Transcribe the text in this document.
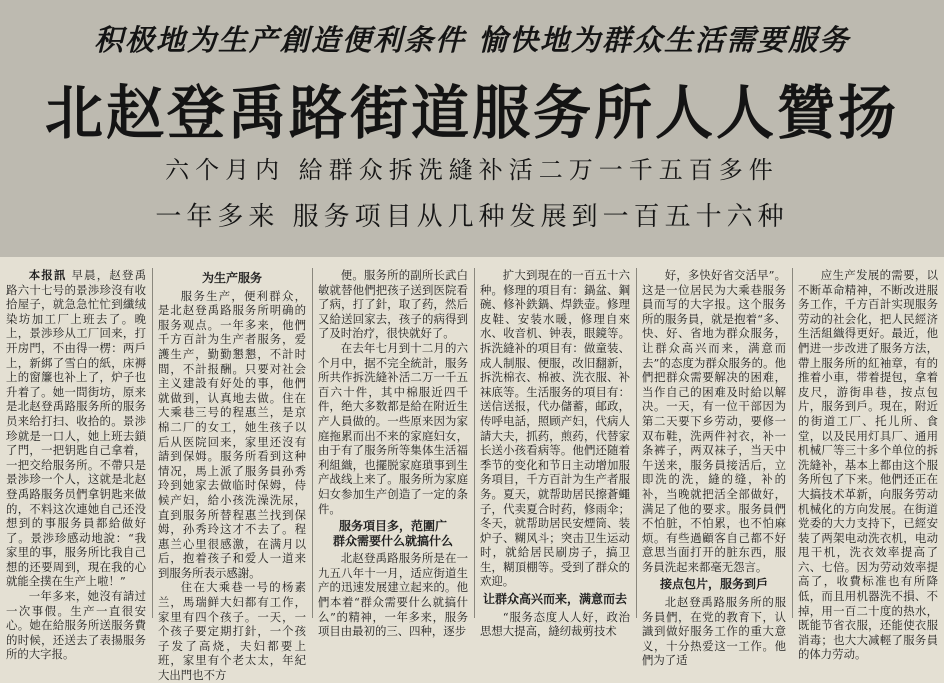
积极地为生产創造便利条件 愉快地为群众生活需要服务
北赵登禹路街道服务所人人贊扬
六个月内 給群众拆洗縫补活二万一千五百多件
一年多来 服务项目从几种发展到一百五十六种

本报訊 早晨，赵登禹路六十七号的景渉珍沒有收拾屋子，就急急忙忙到纖绒染坊加工厂上班去了。晚上，景渉珍从工厂回来，打开房門，不由得一楞：两戶上，新綁了雪白的紙，床褥上的窗簾也补上了，炉子也升着了。她一問街坊，原来是北赵登禹路服务所的服务员来给打扫、收拾的。景渉珍就是一口人，她上班去鎖了門，一把钥匙自己拿着，一把交给服务所。不帶只是景渉珍一个人，这就是北赵登禹路服务员們拿钥匙来做的，不料这次連她自己还没想到的事服务員都給做好了。景渉珍感动地說：“我家里的事，服务所比我自己想的还要周到，現在我的心就能全撲在生产上啦！”

一年多来，她沒有請过一次事假。生产一直很安心。她在給服务所送服务費的时候，还送去了表揚服务所的大字报。

为生产服务

服务生产，便利群众，是北赵登禹路服务所明确的服务观点。一年多来，他們千方百計为生产者服务，爱護生产，勤勤懇懇，不計时間，不計报酬。只要对社会主义建設有好处的事，他們就做到，认真地去做。住在大乘巷三号的程惠兰，是京棉二厂的女工，她生孩子以后从医院回来，家里还沒有請到保姆。服务所看到这种情况，馬上派了服务員孙秀玲到她家去做临时保姆，侍候产妇，給小孩洗澡洗尿，直到服务所替程惠兰找到保姆，孙秀玲这才不去了。程惠兰心里很感激，在满月以后，抱着孩子和爱人一道来到服务所表示感謝。

住在大乘巷一号的杨素兰，馬瑞鲜大妇都有工作，家里有四个孩子。一天，一个孩子要定期打針，一个孩子发了高烧，夫妇都要上班，家里有个老太太，年紀大出門也不方

便。服务所的副所长武白敏就替他們把孩子送到医院看了病，打了針，取了药，然后又給送回家去，孩子的病得到了及时治疗，很快就好了。

在去年七月到十二月的六个月中，据不完全統計，服务所共作拆洗縫补活二万一千五百六十件，其中棉服近四千件，绝大多数都是給在附近生产人員做的。一些原来因为家庭拖累而出不来的家庭妇女，由于有了服务所等集体生活福利組織，也擺脱家庭瑣事到生产战线上来了。服务所为家庭妇女参加生产创造了一定的条件。

服务項目多，范圍广
群众需要什么就搞什么

北赵登禹路服务所是在一九五八年十一月，适应街道生产的迅速发展建立起来的。他們本着“群众需要什么就搞什么”的精神，一年多来，服务项目由最初的三、四种，逐步

扩大到現在的一百五十六种。修理的項目有：鍋盆、鋼碗、修补鉄鍋、焊鉄壶。修理皮鞋、安装水暖，修理自來水、收音机、钟表，眼鏡等。拆洗縫补的項目有：做童装、成人制服、便服，改旧翻新，拆洗棉衣、棉被、洗衣服、补袜底等。生活服务的項目有：送信送报，代办儲蓄，邮政，传呼电話，照顾产妇，代病人請大夫，抓药，煎药，代替家长送小孩看病等。他們还随着季节的变化和节日主动增加服务項目，千方百計为生产者服务。夏天，就帮助居民擦蒼蠅子，代卖夏合时药，修雨伞；冬天，就帮助居民安煙筒、装炉子、糊风斗；突击卫生运动时，就給居民刷房子，搞卫生，糊頂棚等。受到了群众的欢迎。

让群众高兴而来，满意而去

“服务态度人人好，政治思想大提高，縫纫裁剪技术

好，多快好省交活早”。这是一位居民为大乘巷服务員而写的大字报。这个服务所的服务員，就是抱着“多、快、好、省地为群众服务，让群众高兴而来，满意而去”的态度为群众服务的。他們把群众需要解决的困难，当作自己的困难及时給以解决。一天，有一位干部因为第二天要下乡劳动，要修一双布鞋，洗两件衬衣，补一条裤子，两双袜子，当天中午送来，服务員接活后，立即洗的洗，縫的缝，补的补，当晚就把活全部做好，满足了他的要求。服务員們不怕脏，不怕累，也不怕麻烦。有些過顧客自己都不好意思当面打开的脏东西，服务員洗起来都毫无怨言。

接点包片，服务到戶

北赵登禹路服务所的服务員們，在党的教育下，认識到做好服务工作的重大意义，十分热爱这一工作。他們为了适

应生产发展的需要，以不断革命精神，不断改进服务工作，千方百計实现服务劳动的社会化，把人民經济生活組織得更好。最近，他們进一步改进了服务方法，帶上服务所的紅袖章，有的推着小車，带着提包，拿着皮尺，游街串巷，按点包片，服务到戶。現在，附近的街道工厂、托儿所、食堂，以及民用灯具厂、通用机械厂等三十多个单位的拆洗縫补，基本上都由这个服务所包了下来。他們还正在大搞技术革新，向服务劳动机械化的方向发展。在街道党委的大力支持下，已經安装了两架电动洗衣机，电动甩干机，洗衣效率提高了六、七倍。因为劳动效率提高了，收費标准也有所降低，而且用机器洗不損、不掉，用一百二十度的热水，既能节省衣服，还能使衣服消毒；也大大减輕了服务員的体力劳动。
